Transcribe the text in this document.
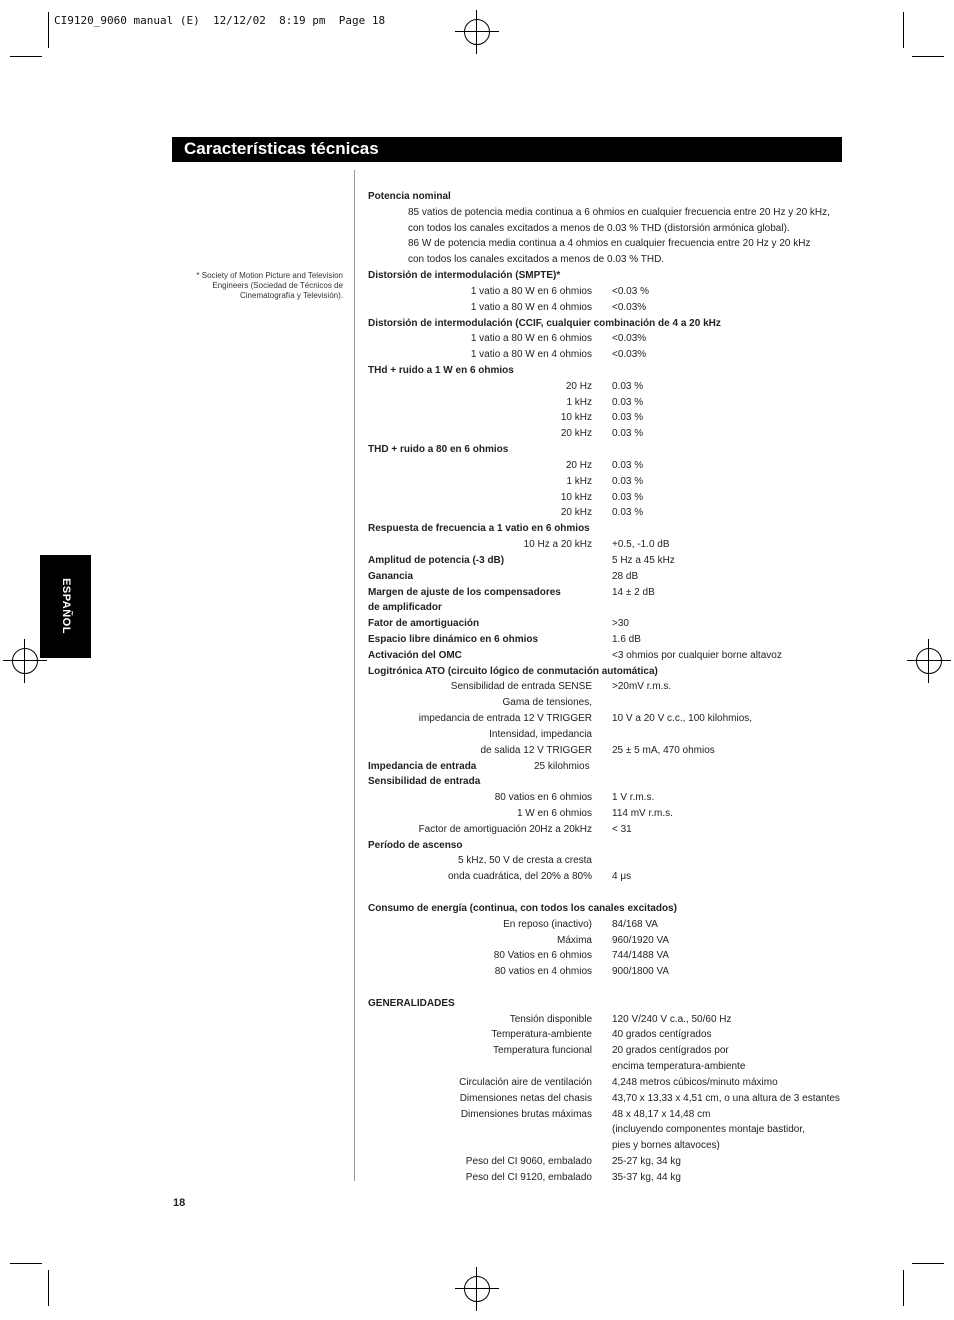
CI9120_9060 manual (E)  12/12/02  8:19 pm  Page 18
Características técnicas
ESPAÑOL
* Society of Motion Picture and Television Engineers (Sociedad de Técnicos de Cinematografía y Televisión).
Potencia nominal
85 vatios de potencia media continua a 6 ohmios en cualquier frecuencia entre 20 Hz y 20 kHz,
con todos los canales excitados a menos de 0.03 % THD (distorsión armónica global).
86 W de potencia media continua a 4 ohmios en cualquier frecuencia entre 20 Hz y 20 kHz
con todos los canales excitados a menos de 0.03 % THD.
Distorsión de intermodulación (SMPTE)*
1 vatio a 80 W en 6 ohmios <0.03 %
1 vatio a 80 W en 4 ohmios <0.03%
Distorsión de intermodulación (CCIF, cualquier combinación de 4 a 20 kHz
1 vatio a 80 W en 6 ohmios <0.03%
1 vatio a 80 W en 4 ohmios <0.03%
THd + ruido a 1 W en 6 ohmios
20 Hz 0.03 %
1 kHz 0.03 %
10 kHz 0.03 %
20 kHz 0.03 %
THD + ruido a 80 en 6 ohmios
20 Hz 0.03 %
1 kHz 0.03 %
10 kHz 0.03 %
20 kHz 0.03 %
Respuesta de frecuencia a 1 vatio en 6 ohmios
10 Hz a 20 kHz +0.5, -1.0 dB
Amplitud de potencia (-3 dB)	5 Hz a 45 kHz
Ganancia	28 dB
Margen de ajuste de los compensadores	14 ± 2 dB
de amplificador
Fator de amortiguación	>30
Espacio libre dinámico en 6 ohmios	1.6 dB
Activación del OMC	<3 ohmios por cualquier borne altavoz
Logitrónica ATO (circuito lógico de conmutación automática)
Sensibilidad de entrada SENSE >20mV r.m.s.
Gama de tensiones,
impedancia de entrada 12 V TRIGGER 10 V a 20 V c.c., 100 kilohmios,
Intensidad, impedancia
de salida 12 V TRIGGER 25 ± 5 mA, 470 ohmios
Impedancia de entrada	25 kilohmios
Sensibilidad de entrada
80 vatios en 6 ohmios 1 V r.m.s.
1 W en 6 ohmios 114 mV r.m.s.
Factor de amortiguación 20Hz a 20kHz < 31
Período de ascenso
5 kHz, 50 V de cresta a cresta
onda cuadrática, del 20% a 80% 4 μs
Consumo de energía (continua, con todos los canales excitados)
En reposo (inactivo) 84/168 VA
Máxima 960/1920 VA
80 Vatios en 6 ohmios 744/1488 VA
80 vatios en 4 ohmios 900/1800 VA
GENERALIDADES
Tensión disponible 120 V/240 V c.a., 50/60 Hz
Temperatura-ambiente 40 grados centígrados
Temperatura funcional 20 grados centígrados por
encima temperatura-ambiente
Circulación aire de ventilación 4,248 metros cúbicos/minuto máximo
Dimensiones netas del chasis 43,70 x 13,33 x 4,51 cm, o una altura de 3 estantes
Dimensiones brutas máximas 48 x 48,17 x 14,48 cm
(incluyendo componentes montaje bastidor,
pies y bornes altavoces)
Peso del CI 9060, embalado 25-27 kg, 34 kg
Peso del CI 9120, embalado 35-37 kg, 44 kg
18
